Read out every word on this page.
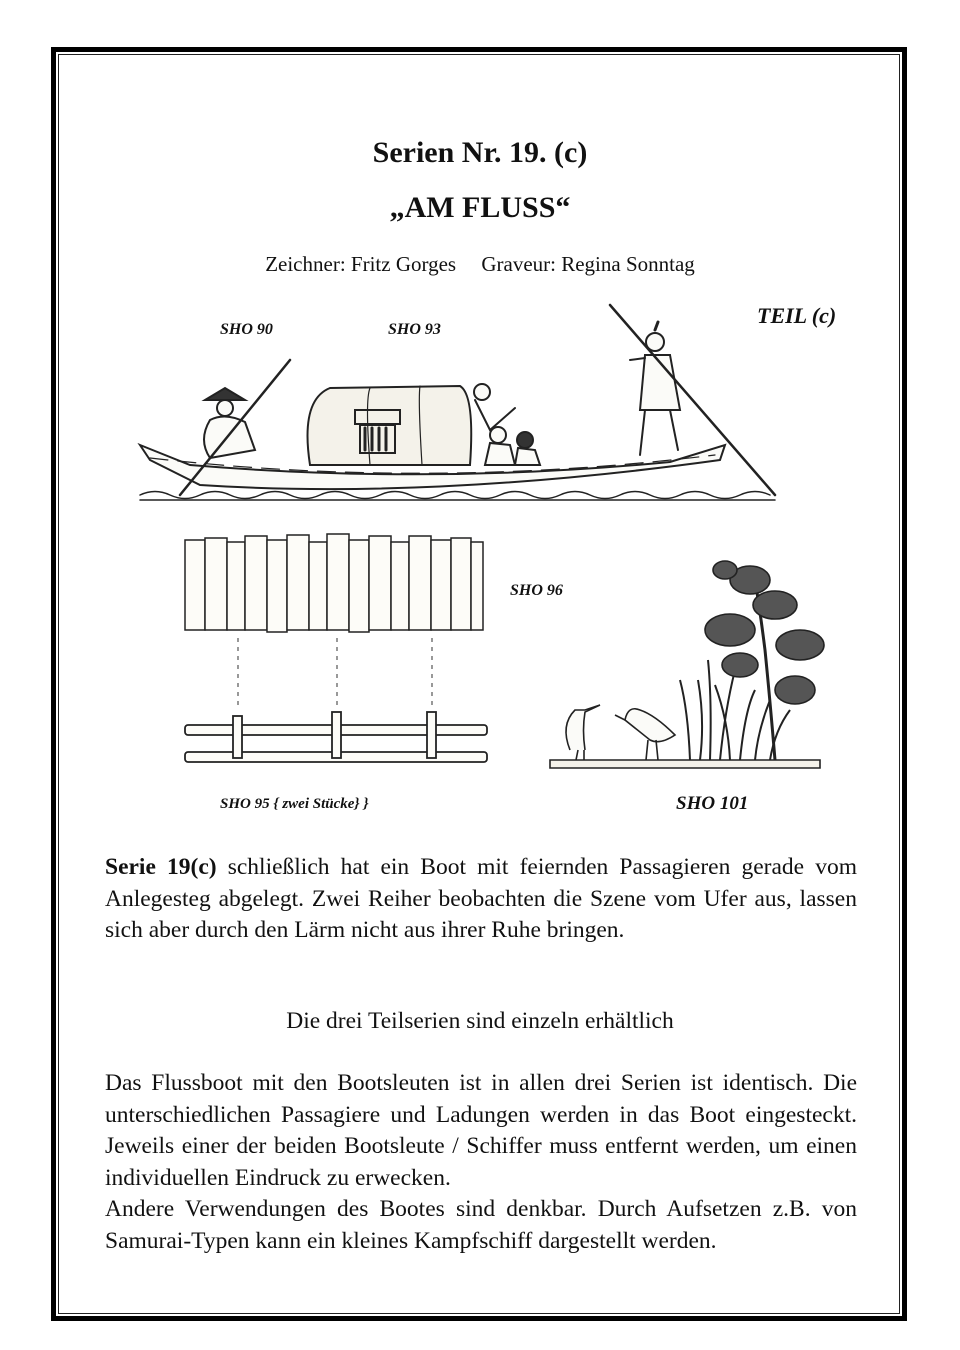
Serien Nr. 19. (c)
„AM FLUSS“
Zeichner: Fritz Gorges Graveur: Regina Sonntag
SHO 90	SHO 93
TEIL (c)
SHO 96
SHO 95 { zwei Stücke} }	SHO 101
Serie 19(c) schließlich hat ein Boot mit feiernden Passagieren gerade vom Anlegesteg abgelegt. Zwei Reiher beobachten die Szene vom Ufer aus, lassen sich aber durch den Lärm nicht aus ihrer Ruhe bringen.
Die drei Teilserien sind einzeln erhältlich
Das Flussboot mit den Bootsleuten ist in allen drei Serien ist identisch. Die unterschiedlichen Passagiere und Ladungen werden in das Boot eingesteckt. Jeweils einer der beiden Bootsleute / Schiffer muss entfernt werden, um einen individuellen Eindruck zu erwecken.
Andere Verwendungen des Bootes sind denkbar. Durch Aufsetzen z.B. von Samurai-Typen kann ein kleines Kampfschiff dargestellt werden.
